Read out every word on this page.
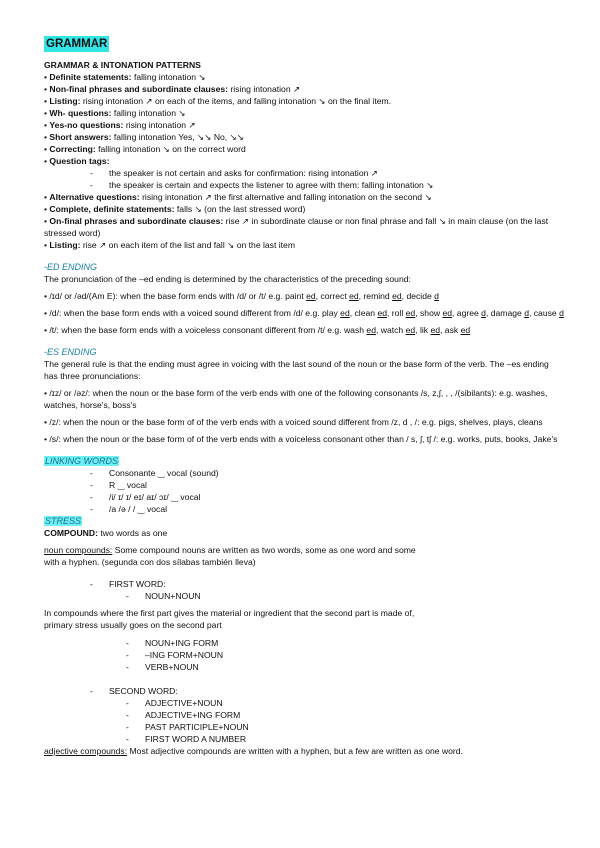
GRAMMAR

GRAMMAR & INTONATION PATTERNS

• Definite statements: falling intonation ↘
• Non-final phrases and subordinate clauses: rising intonation ↗
• Listing: rising intonation ↗ on each of the items, and falling intonation ↘ on the final item.
• Wh- questions: falling intonation ↘
• Yes-no questions: rising intonation ↗
• Short answers: falling intonation Yes, ↘↘ No, ↘↘
• Correcting: falling intonation ↘ on the correct word
• Question tags:
- the speaker is not certain and asks for confirmation: rising intonation ↗
- the speaker is certain and expects the listener to agree with them: falling intonation ↘
• Alternative questions: rising intonation ↗ the first alternative and falling intonation on the second ↘
• Complete, definite statements: falls ↘ (on the last stressed word)
• On-final phrases and subordinate clauses: rise ↗ in subordinate clause or non final phrase and fall ↘ in main clause (on the last stressed word)
• Listing: rise ↗ on each item of the list and fall ↘ on the last item
-ED ENDING

The pronunciation of the –ed ending is determined by the characteristics of the preceding sound:

• /ɪd/ or /əd/(Am E): when the base form ends with /d/ or /t/ e.g. paint ed, correct ed, remind ed, decide d

• /d/: when the base form ends with a voiced sound different from /d/ e.g. play ed, clean ed, roll ed, show ed, agree d, damage d, cause d

• /t/: when the base form ends with a voiceless consonant different from /t/ e.g. wash ed, watch ed, lik ed, ask ed

-ES ENDING

The general rule is that the ending must agree in voicing with the last sound of the noun or the base form of the verb. The –es ending has three pronunciations:

• /ɪz/ or /əz/: when the noun or the base form of the verb ends with one of the following consonants /s, z,ʃ, , , /(sibilants): e.g. washes, watches, horse's, boss's

• /z/: when the noun or the base form of of the verb ends with a voiced sound different from /z, d , /: e.g. pigs, shelves, plays, cleans

• /s/: when the noun or the base form of of the verb ends with a voiceless consonant other than / s, ʃ, tʃ /: e.g. works, puts, books, Jake's

LINKING WORDS
- Consonante ‿ vocal (sound)
- R ‿ vocal
- /i/ ɪ/ ɪ/ eɪ/ aɪ/ ɔɪ/ ‿ vocal
- /a /ə / / ‿ vocal
STRESS

COMPOUND: two words as one

noun compounds: Some compound nouns are written as two words, some as one word and some with a hyphen. (segunda con dos sílabas también lleva)

- FIRST WORD:
- NOUN+NOUN

In compounds where the first part gives the material or ingredient that the second part is made of, primary stress usually goes on the second part

- NOUN+ING FORM
- –ING FORM+NOUN
- VERB+NOUN
- SECOND WORD:
- ADJECTIVE+NOUN
- ADJECTIVE+ING FORM
- PAST PARTICIPLE+NOUN
- FIRST WORD A NUMBER

adjective compounds: Most adjective compounds are written with a hyphen, but a few are written as one word.
